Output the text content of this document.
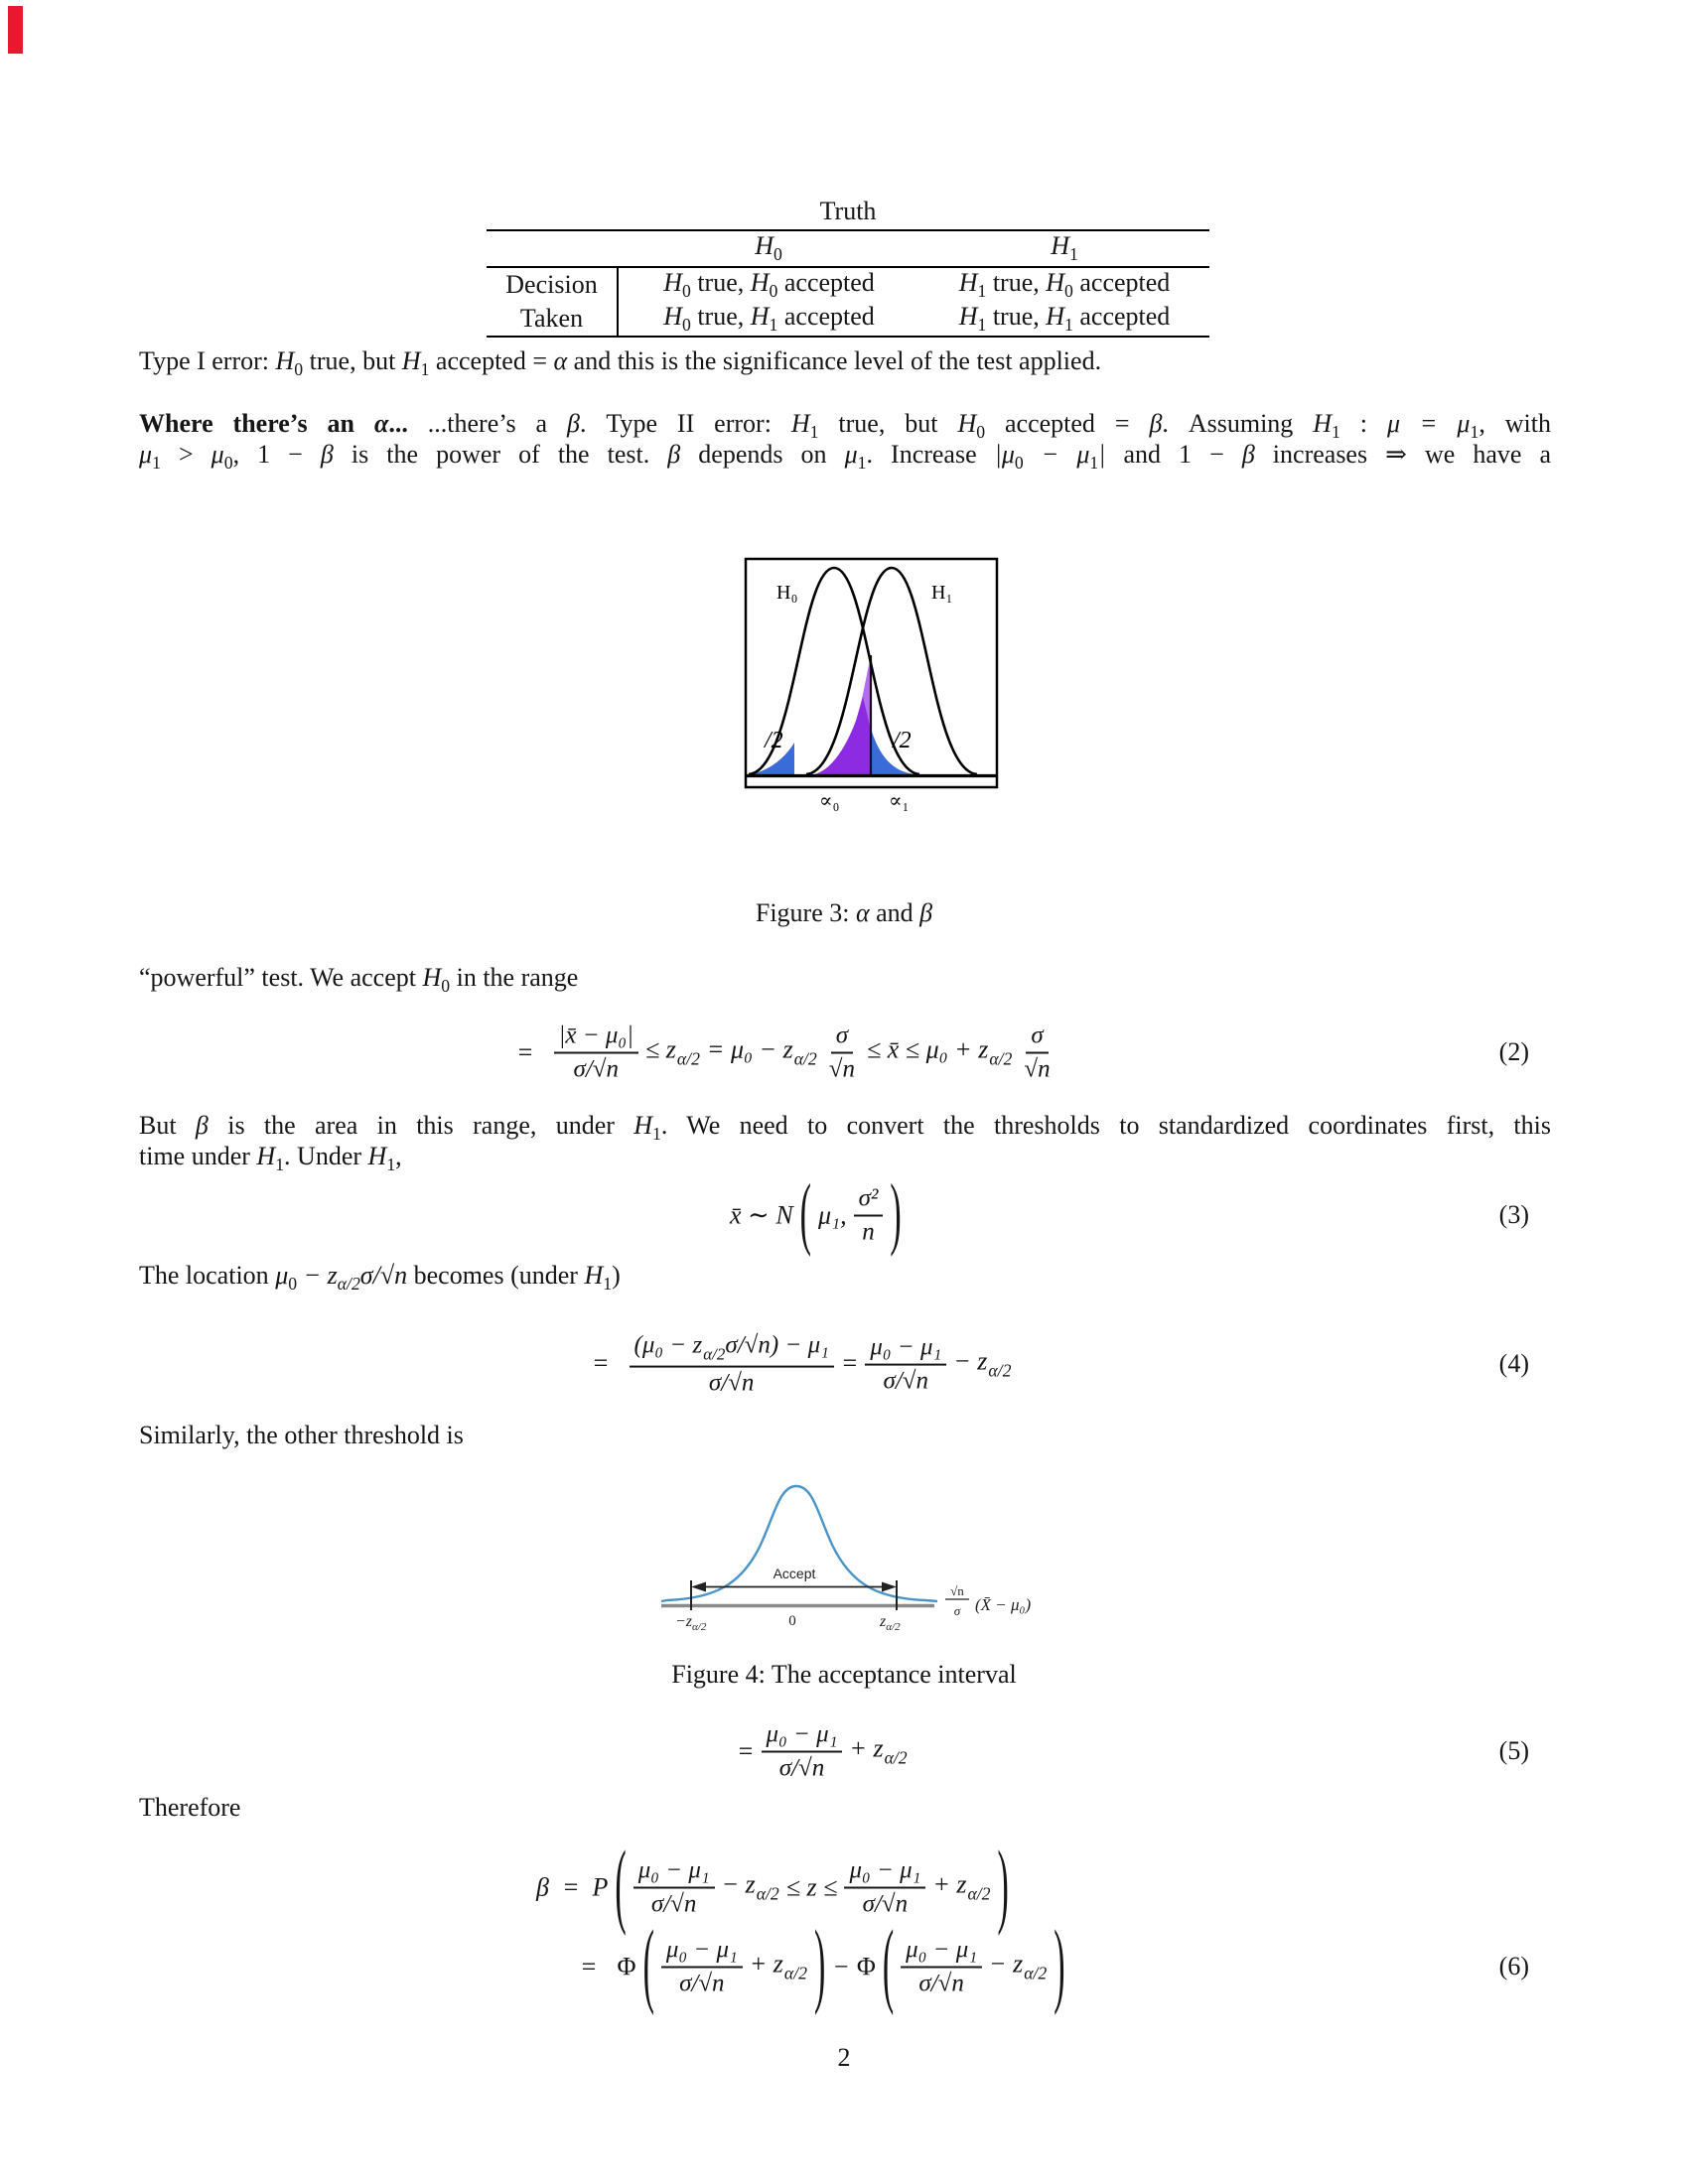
Truth
	$H_0$	$H_1$
Decision	$H_0$ true, $H_0$ accepted	$H_1$ true, $H_0$ accepted
Taken	$H_0$ true, $H_1$ accepted	$H_1$ true, $H_1$ accepted
Type I error: $H_0$ true, but $H_1$ accepted = α and this is the significance level of the test applied.
Where there’s an α... ...there’s a β. Type II error: $H_1$ true, but $H_0$ accepted = β. Assuming $H_1$ : $\mu = \mu_1$, with
$\mu_1 > \mu_0$, 1 − β is the power of the test. β depends on $\mu_1$. Increase $|\mu_0 - \mu_1|$ and 1 − β increases ⇒ we have a
H₀	H₁
/2	/2
∝₀ ∝₁
Figure 3: α and β
“powerful” test. We accept $H_0$ in the range
= $\frac{\text{|x̄ − μ₀|}}{\sigma/√n} \le z_{\alpha/2} = \mu_0 - z_{\alpha/2} \frac{\sigma}{√n}$ ≤ x̄ ≤ $\mu_0 + z_{\alpha/2} \frac{\sigma}{√n}$	(2)
But β is the area in this range, under $H_1$. We need to convert the thresholds to standardized coordinates first, this
time under $H_1$. Under $H_1$,
x̄ ∼ N ( μ₁, $\frac{\text{σ²}}{n}$ )	(3)
The location $\mu_0 - z_{\alpha/2}\sigma/√n$ becomes (under $H_1$)
= $\frac{(\mu_0 - z_{\alpha/2}\sigma/√n) - \mu_1}{\sigma/√n} = \frac{\text{μ₀ − μ₁}}{\sigma/√n} - z_{\alpha/2}$	(4)
Similarly, the other threshold is
Accept
$-z_{\alpha/2}$	0	$z_{\alpha/2}$
√n
σ (X̄ − μ₀)
Figure 4: The acceptance interval
= $\frac{\text{μ₀ − μ₁}}{\sigma/√n} + z_{\alpha/2}$	(5)
Therefore
β  =  P ( $\frac{\text{μ₀ − μ₁}}{\sigma/√n} - z_{\alpha/2} \le z \le \frac{\text{μ₀ − μ₁}}{\sigma/√n} + z_{\alpha/2}$ )
= Φ ( $\frac{\text{μ₀ − μ₁}}{\sigma/√n} + z_{\alpha/2}$ ) − Φ ( $\frac{\text{μ₀ − μ₁}}{\sigma/√n} - z_{\alpha/2}$ )	(6)
2
